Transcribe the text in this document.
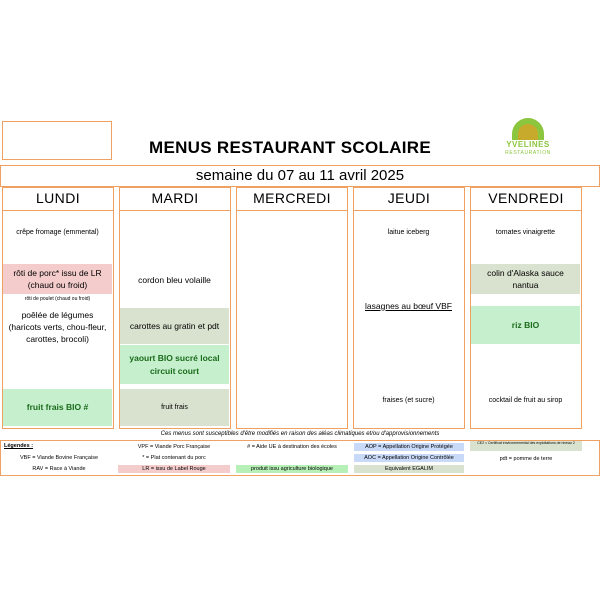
MENUS RESTAURANT SCOLAIRE	YVELINES
RESTAURATION
semaine du 07 au 11 avril 2025
LUNDI
crêpe fromage (emmental)
rôti de porc* issu de LR (chaud ou froid)
rôti de poulet (chaud ou froid)
poêlée de légumes (haricots verts, chou-fleur, carottes, brocoli)
fruit frais BIO #
MARDI
cordon bleu volaille
carottes au gratin et pdt
yaourt BIO sucré local circuit court
fruit frais
MERCREDI	JEUDI
laitue iceberg
lasagnes au bœuf VBF
fraises (et sucre)
VENDREDI
tomates vinaigrette
colin d'Alaska sauce nantua
riz BIO
cocktail de fruit au sirop
Ces menus sont susceptibles d'être modifiés en raison des aléas climatiques et/ou d'approvisionnements
Légendes :
VBF = Viande Bovine Française
RAV = Race à Viande
VPF = Viande Porc Française
* = Plat contenant du porc
LR = issu de Label Rouge
# = Aide UE à destination des écoles
produit issu agriculture biologique
AOP = Appellation Origine Protégée
AOC = Appellation Origine Contrôlée
Equivalent EGALIM
CE2 = Certificat environnemental des exploitations de niveau 2
pdt = pomme de terre
